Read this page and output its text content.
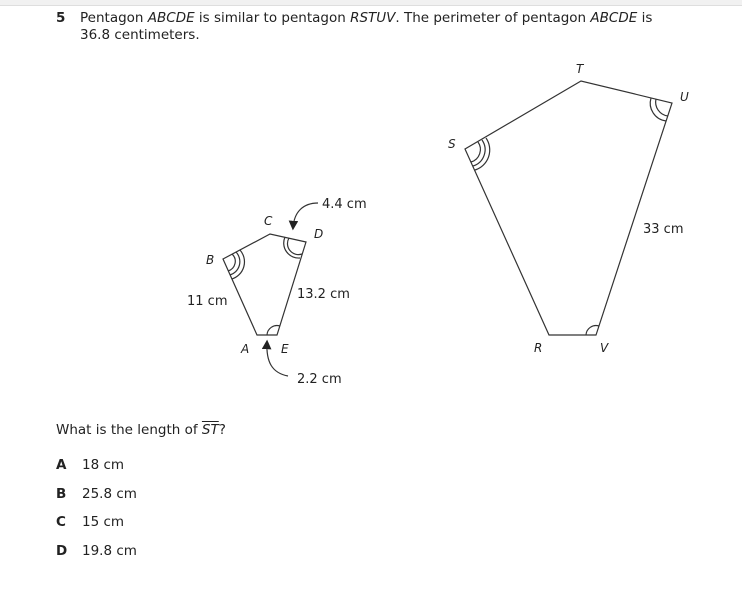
5 Pentagon ABCDE is similar to pentagon RSTUV. The perimeter of pentagon ABCDE is
36.8 centimeters.
B
C
D
A	E
T
U
S
R	V
4.4 cm
13.2 cm
11 cm
2.2 cm
33 cm
What is the length of $\overline{ST}$?
A 18 cm
B 25.8 cm
C 15 cm
D 19.8 cm
